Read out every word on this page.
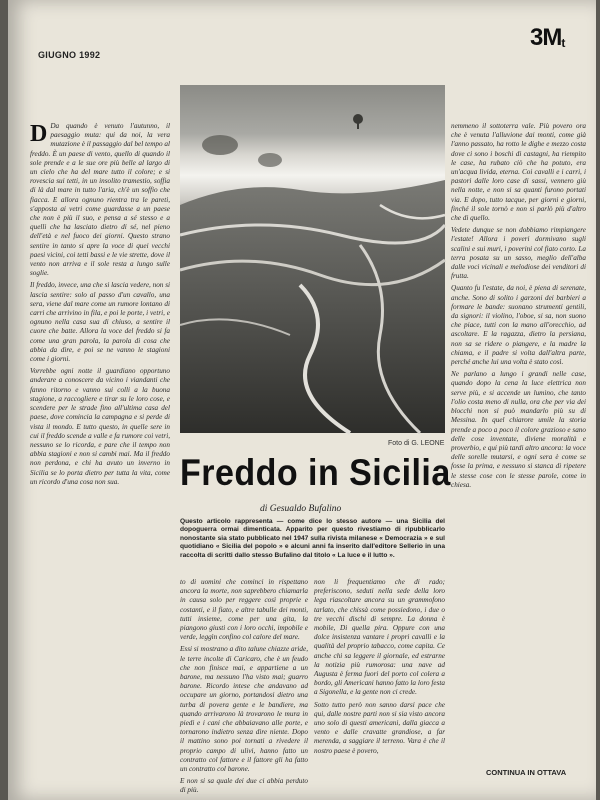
GIUGNO 1992
3Mt

D Da quando è venuto l'autunno, il paesaggio muta: qui da noi, la vera mutazione è il passaggio dal bel tempo al freddo. È un paese di vento, quello di quando il sole prende e a le sue ore più belle al largo di un cielo che ha del mare tutto il colore; e si rovescia sui tetti, in un insolito tramestio, soffia di là dal mare in tutto l'aria, ch'è un soffio che fiacca. E allora ognuno rientra tra le pareti, s'apposta ai vetri come guardasse a un paese che non è più il suo, e pensa a sé stesso e a quelli che ha lasciato dietro di sé, nel pieno dell'età e nel fuoco dei giorni. Questo strano sentire in tanto si apre la voce di quei vecchi paesi vicini, coi tetti bassi e le vie strette, dove il vento non arriva e il sole resta a lungo sulle soglie.

Il freddo, invece, una che si lascia vedere, non si lascia sentire: solo al passo d'un cavallo, una sera, viene dal mare come un rumore lontano di carri che arrivino in fila, e poi le porte, i vetri, e ognuno nella casa sua di chiuso, a sentire il cuore che batte. Allora la voce del freddo si fa come una gran parola, la parola di cosa che abbia da dire, e poi se ne vanno le stagioni come i giorni.

Vorrebbe ogni notte il guardiano opportuno anderare a conoscere da vicino i viandanti che fanno ritorno e vanno sui colli a la buona stagione, a raccogliere e tirar su le loro cose, e scendere per le strade fino all'ultima casa del paese, dove comincia la campagna e si perde di vista il mondo. E tutto questo, in quelle sere in cui il freddo scende a valle e fa rumore coi vetri, nessuno se lo ricorda, e pare che il tempo non abbia stagioni e non si cambi mai. Ma il freddo non perdona, e chi ha avuto un inverno in Sicilia se lo porta dietro per tutta la vita, come un ricordo d'una cosa non sua.

Foto di G. LEONE

nemmeno il sottoterra vale. Più povero ora che è venuta l'alluvione dai monti, come già l'anno passato, ha rotto le dighe e mezzo costa dove ci sono i boschi di castagni, ha riempito le case, ha rubato ciò che ha potuto, era un'acqua livida, eterna. Coi cavalli e i carri, i pastori dalle loro case di sassi, vennero giù nella notte, e non si sa quanti furono portati via. E dopo, tutto tacque, per giorni e giorni, finché il sole tornò e non si parlò più d'altro che di quello.

Vedete dunque se non dobbiamo rimpiangere l'estate! Allora i poveri dormivano sugli scalini e sui muri, i poverini col fiato corto. La terra posata su un sasso, meglio dell'alba dalle voci vicinali e melodiose dei venditori di frutta.

Quanto fu l'estate, da noi, è piena di serenate, anche. Sono di solito i garzoni dei barbieri a formare le bande: suonano strumenti gentili, da signori: il violino, l'oboe, si sa, non suono che piace, tutti con la mano all'orecchio, ad ascoltare. E la ragazza, dietro la persiana, non sa se ridere o piangere, e la madre la chiama, e il padre si volta dall'altra parte, perché anche lui una volta è stato così.

Ne parlano a lungo i grandi nelle case, quando dopo la cena la luce elettrica non serve più, e si accende un lumino, che tanto l'olio costa meno di nulla, ora che per via dei blocchi non si può mandarlo più su di Messina. In quel chiarore umile la storia prende a poco a poco il colore grazioso e sano delle cose inventate, diviene moralità e proverbio, e qui più tardi altro ancora: la voce delle sorelle mutarsi, e ogni sera è come se fosse la prima, e nessuno si stanca di ripetere le stesse cose con le stesse parole, come in chiesa.

Freddo in Sicilia
di Gesualdo Bufalino
Questo articolo rappresenta — come dice lo stesso autore — una Sicilia del dopoguerra ormai dimenticata. Apparito per questo rivestiamo di ripubblicarlo nonostante sia stato pubblicato nel 1947 sulla rivista milanese « Democrazia » e sul quotidiano « Sicilia del popolo » e alcuni anni fa inserito dall'editore Sellerio in una raccolta di scritti dallo stesso Bufalino dal titolo « La luce e il lutto ».

to di uomini che cominci in rispettano ancora la morte, non saprebbero chiamarla in causa solo per reggere così proprie e costanti, e il fiato, e altre tabulle dei monti, tutti insieme, come per una gita, la piangono giusti con i loro occhi, impobile e verde, leggìn confino col calore del mare.

Essi si mostrano a dito talune chiazze aride, le terre incolte di Caricaro, che è un feudo che non finisce mai, e appartiene a un barone, ma nessuno l'ha visto mai; guarro barone. Ricordo intese che andavano ad occupare un giorno, portandosi dietro una turba di povera gente e le bandiere, ma quando arrivarono là trovarono le mura in piedi e i cani che abbaiavano alle porte, e tornarono indietro senza dire niente. Dopo il mattino sono poi tornati a rivedere il proprio campo di ulivi, hanno fatto un contratto col fattore e il fattore gli ha fatto un contratto col barone.

E non si sa quale dei due ci abbia perduto di più.

non li frequentiamo che di rado; preferiscono, seduti nella sede della loro lega riascoltare ancora su un grammofono tarlato, che chissà come possiedono, i due o tre vecchi dischi di sempre. La donna è mobile, Di quella pira. Oppure con una dolce insistenza vantare i propri cavalli e la qualità del proprio tabacco, come capita. Ce anche chi sa leggere il giornale, ed estrarne la notizia più rumorosa: una nave ad Augusta è ferma fuori del porto col colera a bordo, gli Americani hanno fatto la loro festa a Sigonella, e la gente non ci crede.

Sotto tutto però non sanno darsi pace che qui, dalle nostre parti non si sia visto ancora uno solo di questi americani, dalla giacca a vento e dalle cravatte grandiose, a far merenda, a saggiare il terreno. Vara è che il nostro paese è povero,

CONTINUA IN OTTAVA
